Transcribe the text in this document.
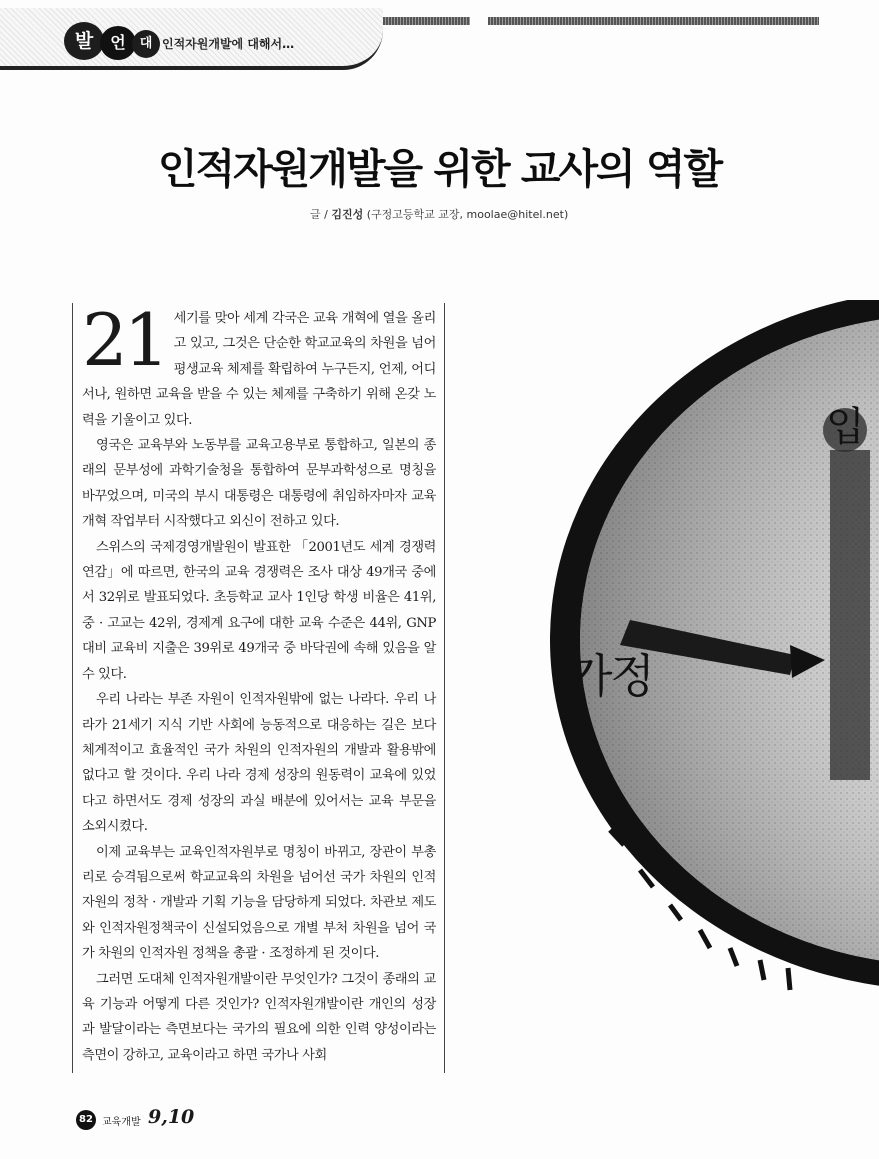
발	언	대 인적자원개발에 대해서…
인적자원개발을 위한 교사의 역할
글 / 김진성 (구정고등학교 교장, moolae@hitel.net)
입
가정

21 세기를 맞아 세계 각국은 교육 개혁에 열을 올리고 있고, 그것은 단순한 학교교육의 차원을 넘어 평생교육 체제를 확립하여 누구든지, 언제, 어디서나, 원하면 교육을 받을 수 있는 체제를 구축하기 위해 온갖 노력을 기울이고 있다.

영국은 교육부와 노동부를 교육고용부로 통합하고, 일본의 종래의 문부성에 과학기술청을 통합하여 문부과학성으로 명칭을 바꾸었으며, 미국의 부시 대통령은 대통령에 취임하자마자 교육 개혁 작업부터 시작했다고 외신이 전하고 있다.

스위스의 국제경영개발원이 발표한 「2001년도 세계 경쟁력 연감」에 따르면, 한국의 교육 경쟁력은 조사 대상 49개국 중에서 32위로 발표되었다. 초등학교 교사 1인당 학생 비율은 41위, 중 · 고교는 42위, 경제계 요구에 대한 교육 수준은 44위, GNP 대비 교육비 지출은 39위로 49개국 중 바닥권에 속해 있음을 알 수 있다.

우리 나라는 부존 자원이 인적자원밖에 없는 나라다. 우리 나라가 21세기 지식 기반 사회에 능동적으로 대응하는 길은 보다 체계적이고 효율적인 국가 차원의 인적자원의 개발과 활용밖에 없다고 할 것이다. 우리 나라 경제 성장의 원동력이 교육에 있었다고 하면서도 경제 성장의 과실 배분에 있어서는 교육 부문을 소외시켰다.

이제 교육부는 교육인적자원부로 명칭이 바뀌고, 장관이 부총리로 승격됨으로써 학교교육의 차원을 넘어선 국가 차원의 인적자원의 정착 · 개발과 기획 기능을 담당하게 되었다. 차관보 제도와 인적자원정책국이 신설되었음으로 개별 부처 차원을 넘어 국가 차원의 인적자원 정책을 총괄 · 조정하게 된 것이다.

그러면 도대체 인적자원개발이란 무엇인가? 그것이 종래의 교육 기능과 어떻게 다른 것인가? 인적자원개발이란 개인의 성장과 발달이라는 측면보다는 국가의 필요에 의한 인력 양성이라는 측면이 강하고, 교육이라고 하면 국가나 사회

82 교육개발 9,10
